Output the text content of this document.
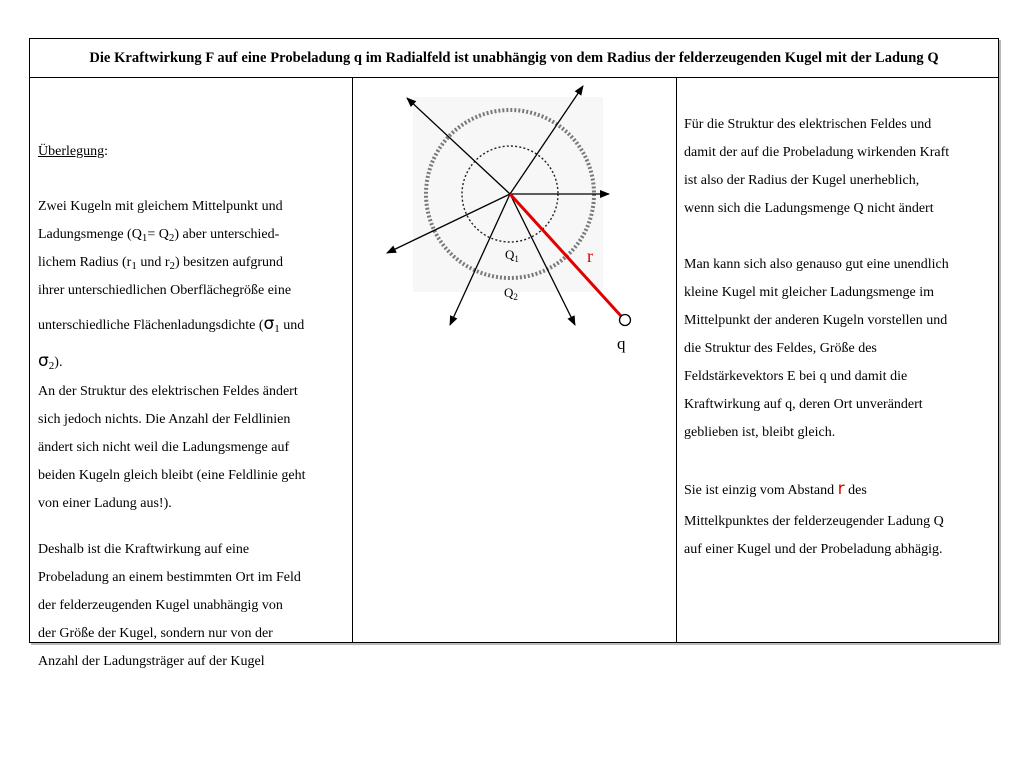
Die Kraftwirkung F auf eine Probeladung q im Radialfeld ist unabhängig von dem Radius der felderzeugenden Kugel mit der Ladung Q
Überlegung:
Zwei Kugeln mit gleichem Mittelpunkt und
Ladungsmenge $(Q_1= Q_2)$ aber unterschied-
lichem Radius ($r_1$ und $r_2$) besitzen aufgrund
ihrer unterschiedlichen Oberflächegröße eine
unterschiedliche Flächenladungsdichte ($\sigma_1$ und
$\sigma_2$).
An der Struktur des elektrischen Feldes ändert
sich jedoch nichts. Die Anzahl der Feldlinien
ändert sich nicht weil die Ladungsmenge auf
beiden Kugeln gleich bleibt (eine Feldlinie geht
von einer Ladung aus!).
Deshalb ist die Kraftwirkung auf eine
Probeladung an einem bestimmten Ort im Feld
der felderzeugenden Kugel unabhängig von
der Größe der Kugel, sondern nur von der
Anzahl der Ladungsträger auf der Kugel
$Q_1$
$Q_2$
r
q
Für die Struktur des elektrischen Feldes und
damit der auf die Probeladung wirkenden Kraft
ist also der Radius der Kugel unerheblich,
wenn sich die Ladungsmenge Q nicht ändert
Man kann sich also genauso gut eine unendlich
kleine Kugel mit gleicher Ladungsmenge im
Mittelpunkt der anderen Kugeln vorstellen und
die Struktur des Feldes, Größe des
Feldstärkevektors E bei q und damit die
Kraftwirkung auf q, deren Ort unverändert
geblieben ist, bleibt gleich.
Sie ist einzig vom Abstand r des
Mittelkpunktes der felderzeugender Ladung Q
auf einer Kugel und der Probeladung abhägig.
